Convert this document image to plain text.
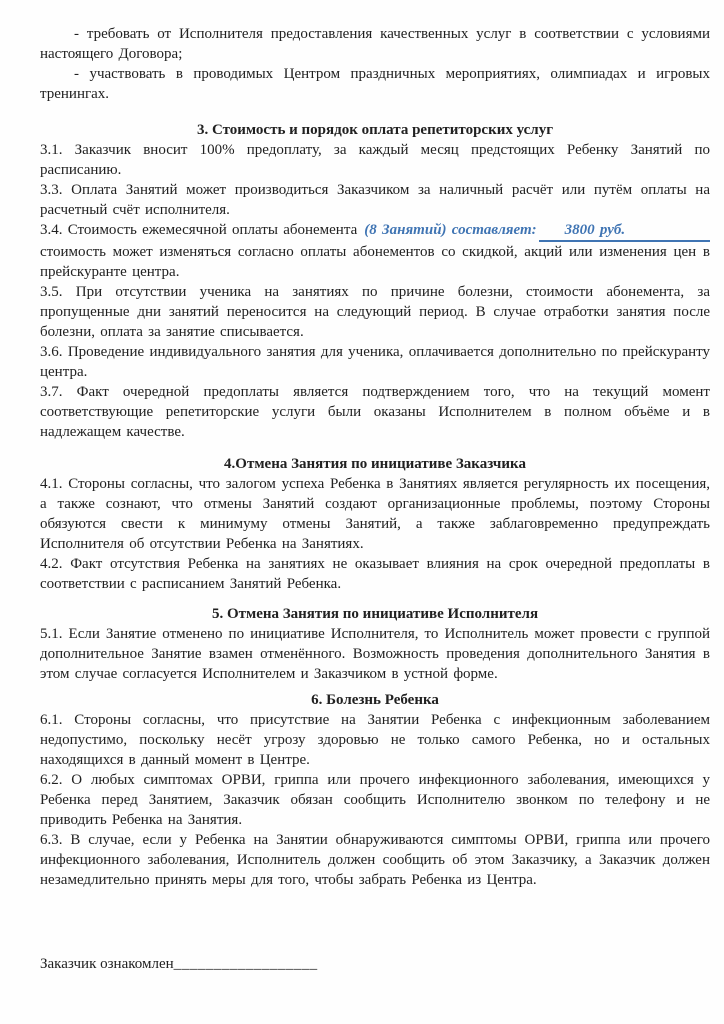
- требовать от Исполнителя предоставления качественных услуг в соответствии с условиями настоящего Договора;

- участвовать в проводимых Центром праздничных мероприятиях, олимпиадах и игровых тренингах.

3. Стоимость и порядок оплата репетиторских услуг

3.1. Заказчик вносит 100% предоплату, за каждый месяц предстоящих Ребенку Занятий по расписанию.

3.3. Оплата Занятий может производиться Заказчиком за наличный расчёт или путём оплаты на расчетный счёт исполнителя.

3.4. Стоимость ежемесячной оплаты абонемента (8 Занятий) составляет: 3800 руб.

стоимость может изменяться согласно оплаты абонементов со скидкой, акций или изменения цен в прейскуранте центра.

3.5. При отсутствии ученика на занятиях по причине болезни, стоимости абонемента, за пропущенные дни занятий переносится на следующий период. В случае отработки занятия после болезни, оплата за занятие списывается.

3.6. Проведение индивидуального занятия для ученика, оплачивается дополнительно по прейскуранту центра.

3.7. Факт очередной предоплаты является подтверждением того, что на текущий момент соответствующие репетиторские услуги были оказаны Исполнителем в полном объёме и в надлежащем качестве.

4.Отмена Занятия по инициативе Заказчика

4.1. Стороны согласны, что залогом успеха Ребенка в Занятиях является регулярность их посещения, а также сознают, что отмены Занятий создают организационные проблемы, поэтому Стороны обязуются свести к минимуму отмены Занятий, а также заблаговременно предупреждать Исполнителя об отсутствии Ребенка на Занятиях.

4.2. Факт отсутствия Ребенка на занятиях не оказывает влияния на срок очередной предоплаты в соответствии с расписанием Занятий Ребенка.

5. Отмена Занятия по инициативе Исполнителя

5.1. Если Занятие отменено по инициативе Исполнителя, то Исполнитель может провести с группой дополнительное Занятие взамен отменённого. Возможность проведения дополнительного Занятия в этом случае согласуется Исполнителем и Заказчиком в устной форме.

6. Болезнь Ребенка

6.1. Стороны согласны, что присутствие на Занятии Ребенка с инфекционным заболеванием недопустимо, поскольку несёт угрозу здоровью не только самого Ребенка, но и остальных находящихся в данный момент в Центре.

6.2. О любых симптомах ОРВИ, гриппа или прочего инфекционного заболевания, имеющихся у Ребенка перед Занятием, Заказчик обязан сообщить Исполнителю звонком по телефону и не приводить Ребенка на Занятия.

6.3. В случае, если у Ребенка на Занятии обнаруживаются симптомы ОРВИ, гриппа или прочего инфекционного заболевания, Исполнитель должен сообщить об этом Заказчику, а Заказчик должен незамедлительно принять меры для того, чтобы забрать Ребенка из Центра.

Заказчик ознакомлен__________________
